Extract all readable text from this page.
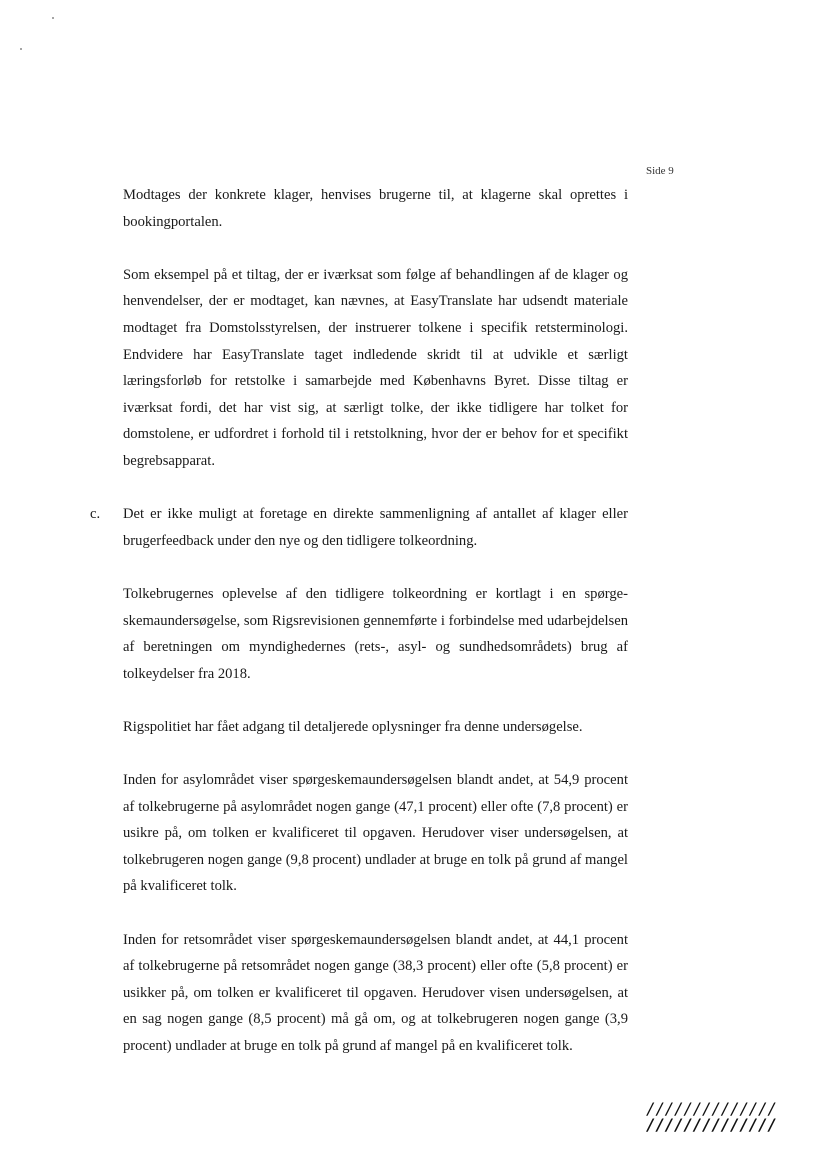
Side 9

Modtages der konkrete klager, henvises brugerne til, at klagerne skal oprettes i bookingportalen.

Som eksempel på et tiltag, der er iværksat som følge af behandlingen af de klager og henvendelser, der er modtaget, kan nævnes, at EasyTranslate har udsendt materiale modtaget fra Domstolsstyrelsen, der instruerer tolkene i specifik retsterminologi. Endvidere har EasyTranslate taget indledende skridt til at udvikle et særligt læringsforløb for retstolke i samarbejde med Københavns Byret. Disse tiltag er iværksat fordi, det har vist sig, at særligt tolke, der ikke tidligere har tolket for domstolene, er udfordret i forhold til i retstolkning, hvor der er behov for et specifikt begrebsapparat.

c. Det er ikke muligt at foretage en direkte sammenligning af antallet af klager eller brugerfeedback under den nye og den tidligere tolkeordning.

Tolkebrugernes oplevelse af den tidligere tolkeordning er kortlagt i en spørgeskemaundersøgelse, som Rigsrevisionen gennemførte i forbindelse med udarbejdelsen af beretningen om myndighedernes (rets-, asyl- og sundhedsområdets) brug af tolkeydelser fra 2018.

Rigspolitiet har fået adgang til detaljerede oplysninger fra denne undersøgelse.

Inden for asylområdet viser spørgeskemaundersøgelsen blandt andet, at 54,9 procent af tolkebrugerne på asylområdet nogen gange (47,1 procent) eller ofte (7,8 procent) er usikre på, om tolken er kvalificeret til opgaven. Herudover viser undersøgelsen, at tolkebrugeren nogen gange (9,8 procent) undlader at bruge en tolk på grund af mangel på kvalificeret tolk.

Inden for retsområdet viser spørgeskemaundersøgelsen blandt andet, at 44,1 procent af tolkebrugerne på retsområdet nogen gange (38,3 procent) eller ofte (5,8 procent) er usikker på, om tolken er kvalificeret til opgaven. Herudover visen undersøgelsen, at en sag nogen gange (8,5 procent) må gå om, og at tolkebrugeren nogen gange (3,9 procent) undlader at bruge en tolk på grund af mangel på en kvalificeret tolk.

//////////////
//////////////
